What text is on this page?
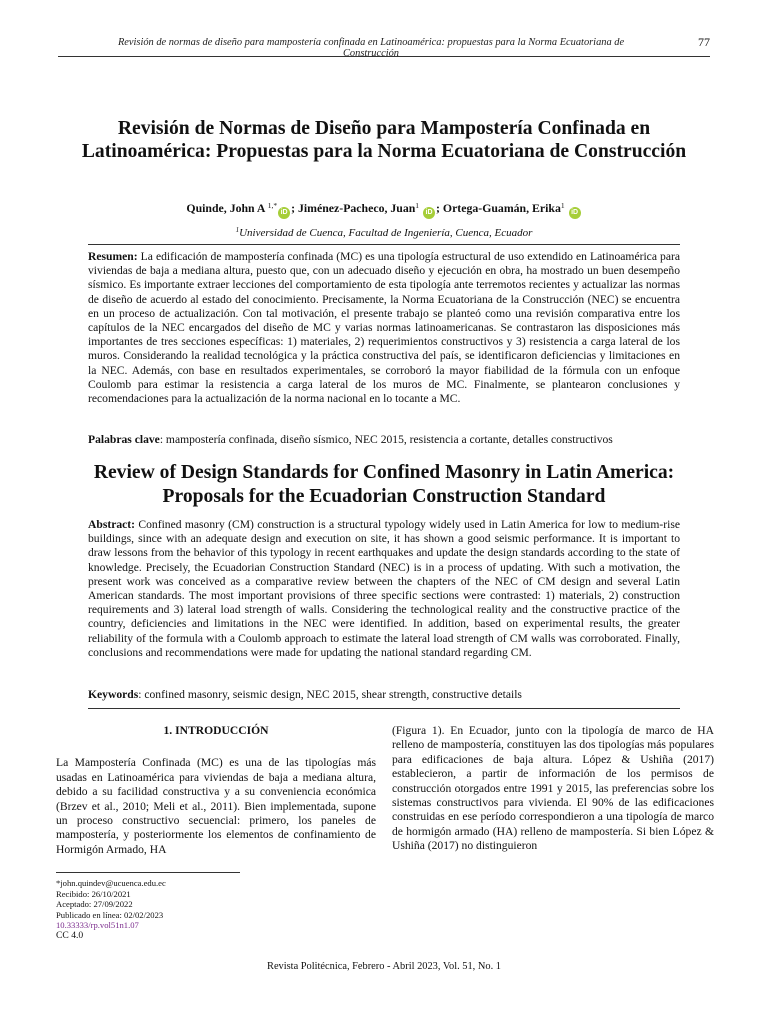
Revisión de normas de diseño para mampostería confinada en Latinoamérica: propuestas para la Norma Ecuatoriana de Construcción
77
Revisión de Normas de Diseño para Mampostería Confinada en Latinoamérica: Propuestas para la Norma Ecuatoriana de Construcción
Quinde, John A $^{1,*}$iD ; Jiménez-Pacheco, Juan$^1$ iD ; Ortega-Guamán, Erika$^1$ iD
$^1$Universidad de Cuenca, Facultad de Ingeniería, Cuenca, Ecuador

Resumen: La edificación de mampostería confinada (MC) es una tipología estructural de uso extendido en Latinoamérica para viviendas de baja a mediana altura, puesto que, con un adecuado diseño y ejecución en obra, ha mostrado un buen desempeño sísmico. Es importante extraer lecciones del comportamiento de esta tipología ante terremotos recientes y actualizar las normas de diseño de acuerdo al estado del conocimiento. Precisamente, la Norma Ecuatoriana de la Construcción (NEC) se encuentra en un proceso de actualización. Con tal motivación, el presente trabajo se planteó como una revisión comparativa entre los capítulos de la NEC encargados del diseño de MC y varias normas latinoamericanas. Se contrastaron las disposiciones más importantes de tres secciones específicas: 1) materiales, 2) requerimientos constructivos y 3) resistencia a carga lateral de los muros. Considerando la realidad tecnológica y la práctica constructiva del país, se identificaron deficiencias y limitaciones en la NEC. Además, con base en resultados experimentales, se corroboró la mayor fiabilidad de la fórmula con un enfoque Coulomb para estimar la resistencia a carga lateral de los muros de MC. Finalmente, se plantearon conclusiones y recomendaciones para la actualización de la norma nacional en lo tocante a MC.

Palabras clave: mampostería confinada, diseño sísmico, NEC 2015, resistencia a cortante, detalles constructivos

Review of Design Standards for Confined Masonry in Latin America: Proposals for the Ecuadorian Construction Standard

Abstract: Confined masonry (CM) construction is a structural typology widely used in Latin America for low to medium-rise buildings, since with an adequate design and execution on site, it has shown a good seismic performance. It is important to draw lessons from the behavior of this typology in recent earthquakes and update the design standards according to the state of knowledge. Precisely, the Ecuadorian Construction Standard (NEC) is in a process of updating. With such a motivation, the present work was conceived as a comparative review between the chapters of the NEC of CM design and several Latin American standards. The most important provisions of three specific sections were contrasted: 1) materials, 2) construction requirements and 3) lateral load strength of walls. Considering the technological reality and the constructive practice of the country, deficiencies and limitations in the NEC were identified. In addition, based on experimental results, the greater reliability of the formula with a Coulomb approach to estimate the lateral load strength of CM walls was corroborated. Finally, conclusions and recommendations were made for updating the national standard regarding CM.

Keywords: confined masonry, seismic design, NEC 2015, shear strength, constructive details

1. INTRODUCCIÓN

La Mampostería Confinada (MC) es una de las tipologías más usadas en Latinoamérica para viviendas de baja a mediana altura, debido a su facilidad constructiva y a su conveniencia económica (Brzev et al., 2010; Meli et al., 2011). Bien implementada, supone un proceso constructivo secuencial: primero, los paneles de mampostería, y posteriormente los elementos de confinamiento de Hormigón Armado, HA

(Figura 1). En Ecuador, junto con la tipología de marco de HA relleno de mampostería, constituyen las dos tipologías más populares para edificaciones de baja altura. López & Ushiña (2017) establecieron, a partir de información de los permisos de construcción otorgados entre 1991 y 2015, las preferencias sobre los sistemas constructivos para vivienda. El 90% de las edificaciones construidas en ese período correspondieron a una tipología de marco de hormigón armado (HA) relleno de mampostería. Si bien López & Ushiña (2017) no distinguieron

*john.quindev@ucuenca.edu.ec
Recibido: 26/10/2021
Aceptado: 27/09/2022
Publicado en línea: 02/02/2023
10.33333/rp.vol51n1.07
CC 4.0
Revista Politécnica, Febrero - Abril 2023, Vol. 51, No. 1
